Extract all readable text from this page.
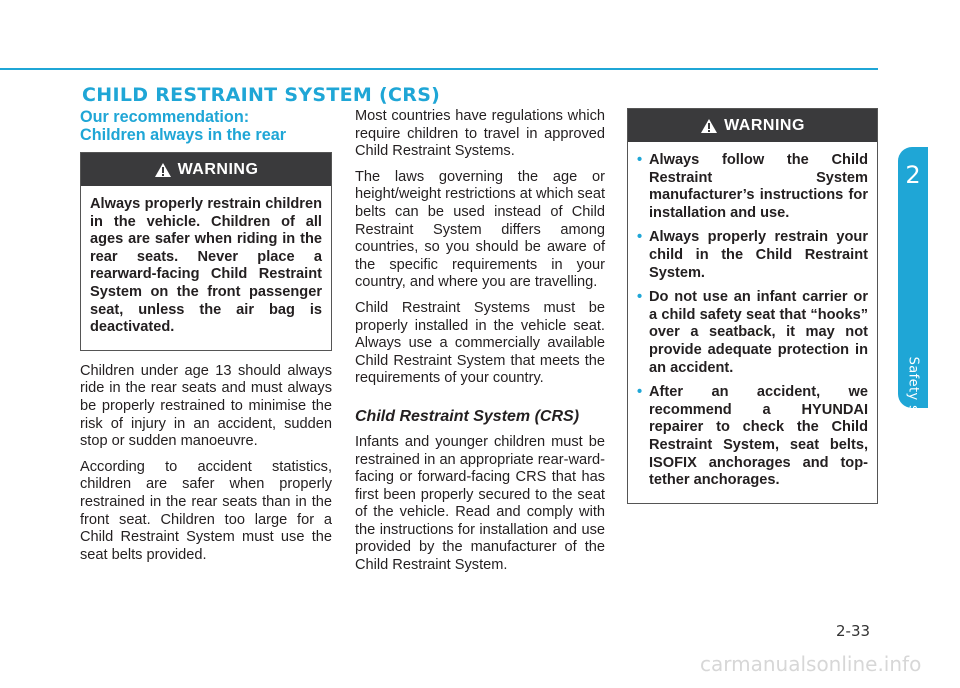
CHILD RESTRAINT SYSTEM (CRS)
Our recommendation:
Children always in the rear
WARNING

Always properly restrain children in the vehicle. Children of all ages are safer when riding in the rear seats. Never place a rearward-facing Child Restraint System on the front passenger seat, unless the air bag is deactivated.

Children under age 13 should always ride in the rear seats and must always be properly restrained to minimise the risk of injury in an accident, sudden stop or sudden manoeuvre.

According to accident statistics, children are safer when properly restrained in the rear seats than in the front seat. Children too large for a Child Restraint System must use the seat belts provided.

Most countries have regulations which require children to travel in approved Child Restraint Systems.

The laws governing the age or height/weight restrictions at which seat belts can be used instead of Child Restraint System differs among countries, so you should be aware of the specific requirements in your country, and where you are travelling.

Child Restraint Systems must be properly installed in the vehicle seat. Always use a commercially available Child Restraint System that meets the requirements of your country.

Child Restraint System (CRS)

Infants and younger children must be restrained in an appropriate rear-ward-facing or forward-facing CRS that has first been properly secured to the seat of the vehicle. Read and comply with the instructions for installation and use provided by the manufacturer of the Child Restraint System.

WARNING
• Always follow the Child Restraint System manufacturer’s instructions for installation and use.
• Always properly restrain your child in the Child Restraint System.
• Do not use an infant carrier or a child safety seat that “hooks” over a seatback, it may not provide adequate protection in an accident.
• After an accident, we recommend a HYUNDAI repairer to check the Child Restraint System, seat belts, ISOFIX anchorages and top-tether anchorages.
2
Safety system of your vehicle
2-33
carmanualsonline.info
